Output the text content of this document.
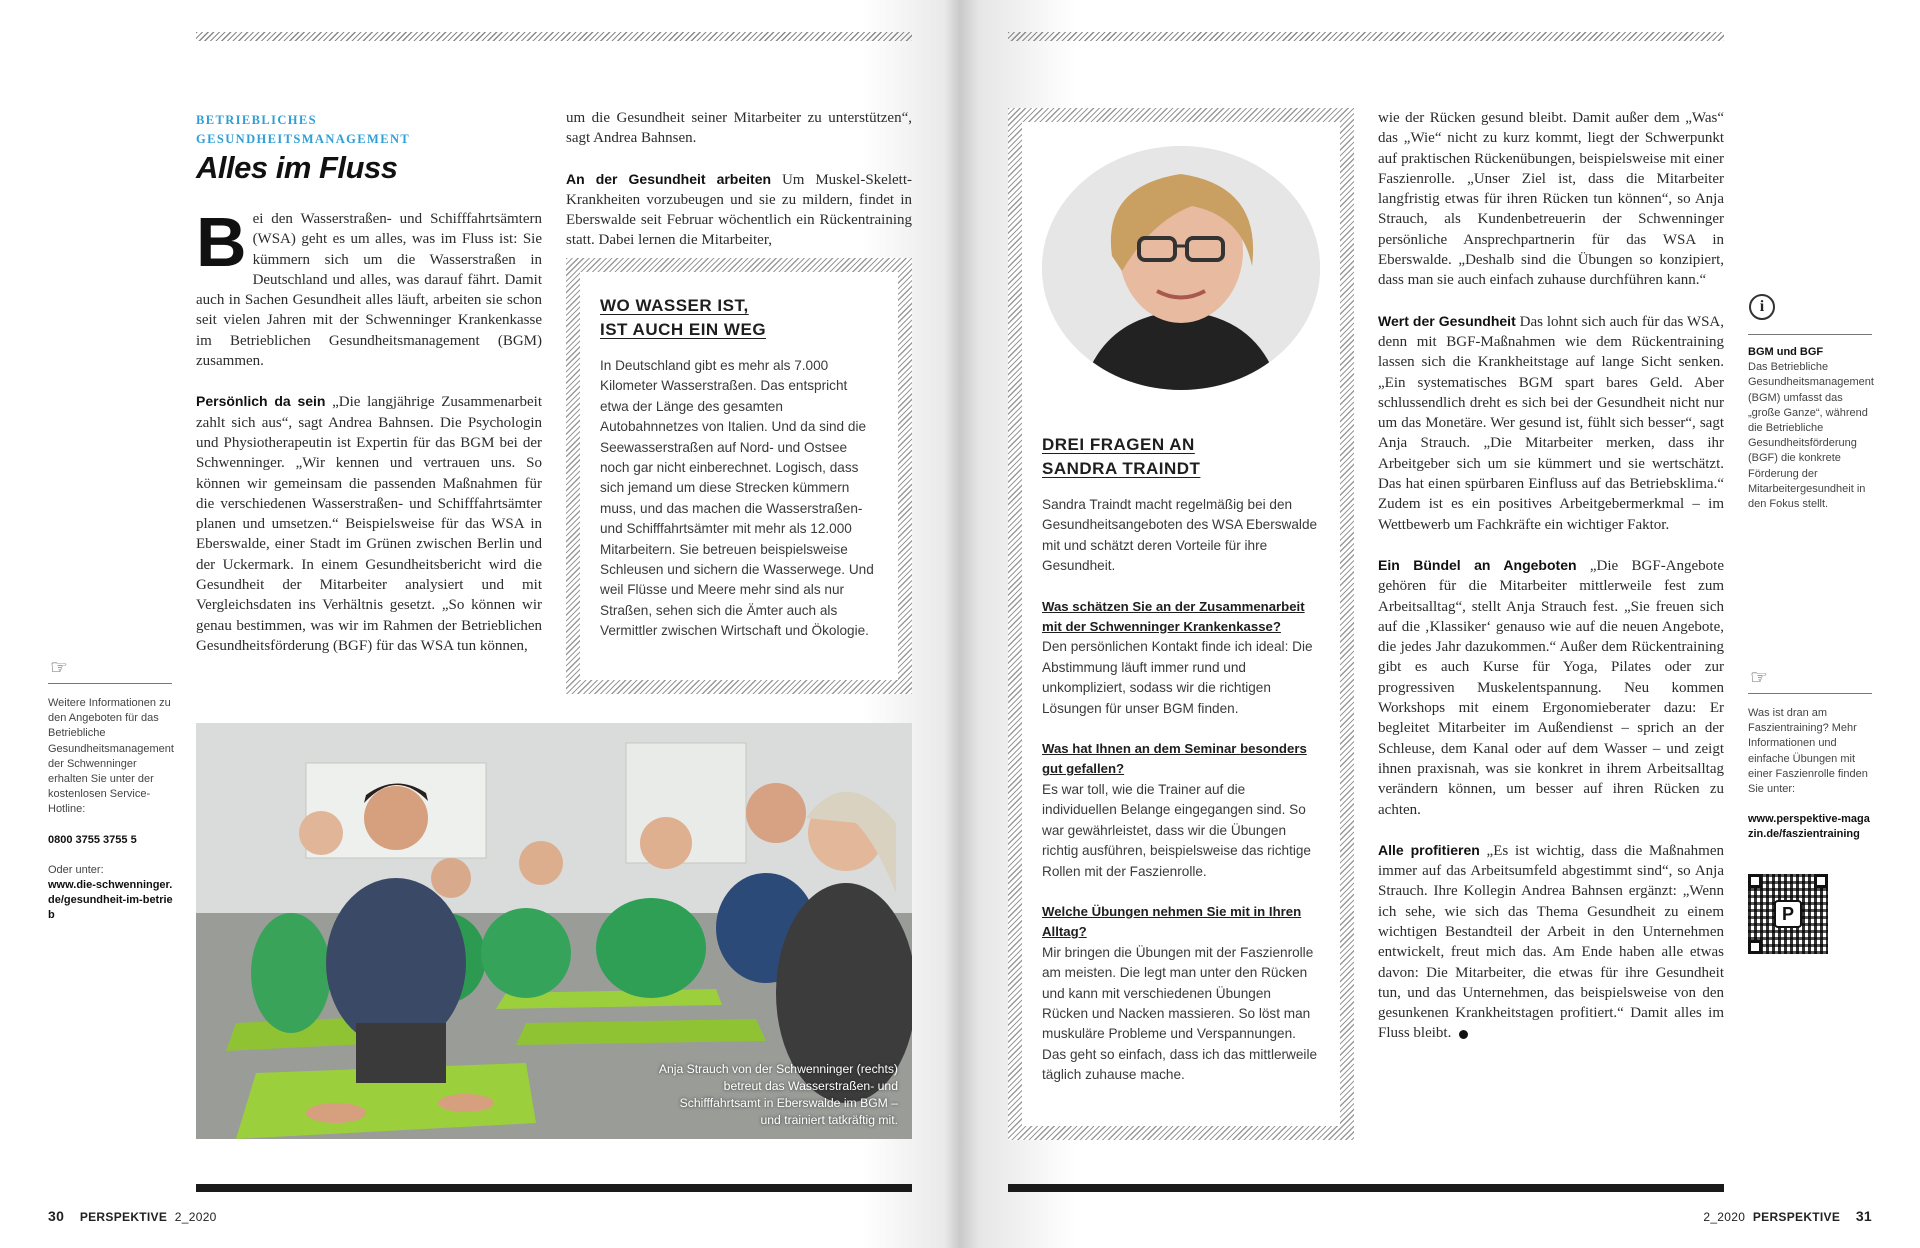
BETRIEBLICHES GESUNDHEITSMANAGEMENT
Alles im Fluss

Bei den Wasserstraßen- und Schifffahrtsämtern (WSA) geht es um alles, was im Fluss ist: Sie kümmern sich um die Wasserstraßen in Deutschland und alles, was darauf fährt. Damit auch in Sachen Gesundheit alles läuft, arbeiten sie schon seit vielen Jahren mit der Schwenninger Krankenkasse im Betrieblichen Gesundheitsmanagement (BGM) zusammen.

Persönlich da sein „Die langjährige Zusammenarbeit zahlt sich aus“, sagt Andrea Bahnsen. Die Psychologin und Physiotherapeutin ist Expertin für das BGM bei der Schwenninger. „Wir kennen und vertrauen uns. So können wir gemeinsam die passenden Maßnahmen für die verschiedenen Wasserstraßen- und Schifffahrtsämter planen und umsetzen.“ Beispielsweise für das WSA in Eberswalde, einer Stadt im Grünen zwischen Berlin und der Uckermark. In einem Gesundheitsbericht wird die Gesundheit der Mitarbeiter analysiert und mit Vergleichsdaten ins Verhältnis gesetzt. „So können wir genau bestimmen, was wir im Rahmen der Betrieblichen Gesundheitsförderung (BGF) für das WSA tun können,

um die Gesundheit seiner Mitarbeiter zu unterstützen“, sagt Andrea Bahnsen.

An der Gesundheit arbeiten Um Muskel-Skelett-Krankheiten vorzubeugen und sie zu mildern, findet in Eberswalde seit Februar wöchentlich ein Rückentraining statt. Dabei lernen die Mitarbeiter,

WO WASSER IST,
IST AUCH EIN WEG

In Deutschland gibt es mehr als 7.000 Kilometer Wasserstraßen. Das entspricht etwa der Länge des gesamten Autobahnnetzes von Italien. Und da sind die Seewasserstraßen auf Nord- und Ostsee noch gar nicht einberechnet. Logisch, dass sich jemand um diese Strecken kümmern muss, und das machen die Wasserstraßen- und Schifffahrtsämter mit mehr als 12.000 Mitarbeitern. Sie betreuen beispielsweise Schleusen und sichern die Wasserwege. Und weil Flüsse und Meere mehr sind als nur Straßen, sehen sich die Ämter auch als Vermittler zwischen Wirtschaft und Ökologie.

Anja Strauch von der Schwenninger (rechts) betreut das Wasserstraßen- und Schifffahrtsamt in Eberswalde im BGM – und trainiert tatkräftig mit.
☞

Weitere Informationen zu den Angeboten für das Betriebliche Gesundheitsmanagement der Schwenninger erhalten Sie unter der kostenlosen Service-Hotline:

0800 3755 3755 5

Oder unter:

www.die-schwenninger.de/gesundheit-im-betrieb

30 PERSPEKTIVE 2_2020
DREI FRAGEN AN
SANDRA TRAINDT

Sandra Traindt macht regelmäßig bei den Gesundheitsangeboten des WSA Eberswalde mit und schätzt deren Vorteile für ihre Gesundheit.

Was schätzen Sie an der Zusammenarbeit mit der Schwenninger Krankenkasse?

Den persönlichen Kontakt finde ich ideal: Die Abstimmung läuft immer rund und unkompliziert, sodass wir die richtigen Lösungen für unser BGM finden.

Was hat Ihnen an dem Seminar besonders gut gefallen?

Es war toll, wie die Trainer auf die individuellen Belange eingegangen sind. So war gewährleistet, dass wir die Übungen richtig ausführen, beispielsweise das richtige Rollen mit der Faszienrolle.

Welche Übungen nehmen Sie mit in Ihren Alltag?

Mir bringen die Übungen mit der Faszienrolle am meisten. Die legt man unter den Rücken und kann mit verschiedenen Übungen Rücken und Nacken massieren. So löst man muskuläre Probleme und Verspannungen. Das geht so einfach, dass ich das mittlerweile täglich zuhause mache.

wie der Rücken gesund bleibt. Damit außer dem „Was“ das „Wie“ nicht zu kurz kommt, liegt der Schwerpunkt auf praktischen Rückenübungen, beispielsweise mit einer Faszienrolle. „Unser Ziel ist, dass die Mitarbeiter langfristig etwas für ihren Rücken tun können“, so Anja Strauch, als Kundenbetreuerin der Schwenninger persönliche Ansprechpartnerin für das WSA in Eberswalde. „Deshalb sind die Übungen so konzipiert, dass man sie auch einfach zuhause durchführen kann.“

Wert der Gesundheit Das lohnt sich auch für das WSA, denn mit BGF-Maßnahmen wie dem Rückentraining lassen sich die Krankheitstage auf lange Sicht senken. „Ein systematisches BGM spart bares Geld. Aber schlussendlich dreht es sich bei der Gesundheit nicht nur um das Monetäre. Wer gesund ist, fühlt sich besser“, sagt Anja Strauch. „Die Mitarbeiter merken, dass ihr Arbeitgeber sich um sie kümmert und sie wertschätzt. Das hat einen spürbaren Einfluss auf das Betriebsklima.“ Zudem ist es ein positives Arbeitgebermerkmal – im Wettbewerb um Fachkräfte ein wichtiger Faktor.

Ein Bündel an Angeboten „Die BGF-Angebote gehören für die Mitarbeiter mittlerweile fest zum Arbeitsalltag“, stellt Anja Strauch fest. „Sie freuen sich auf die ‚Klassiker‘ genauso wie auf die neuen Angebote, die jedes Jahr dazukommen.“ Außer dem Rückentraining gibt es auch Kurse für Yoga, Pilates oder zur progressiven Muskelentspannung. Neu kommen Workshops mit einem Ergonomieberater dazu: Er begleitet Mitarbeiter im Außendienst – sprich an der Schleuse, dem Kanal oder auf dem Wasser – und zeigt ihnen praxisnah, was sie konkret in ihrem Arbeitsalltag verändern können, um besser auf ihren Rücken zu achten.

Alle profitieren „Es ist wichtig, dass die Maßnahmen immer auf das Arbeitsumfeld abgestimmt sind“, so Anja Strauch. Ihre Kollegin Andrea Bahnsen ergänzt: „Wenn ich sehe, wie sich das Thema Gesundheit zu einem wichtigen Bestandteil der Arbeit in den Unternehmen entwickelt, freut mich das. Am Ende haben alle etwas davon: Die Mitarbeiter, die etwas für ihre Gesundheit tun, und das Unternehmen, das beispielsweise von den gesunkenen Krankheitstagen profitiert.“ Damit alles im Fluss bleibt.

i
BGM und BGF

Das Betriebliche Gesundheitsmanagement (BGM) umfasst das „große Ganze“, während die Betriebliche Gesundheitsförderung (BGF) die konkrete Förderung der Mitarbeitergesundheit in den Fokus stellt.

☞

Was ist dran am Faszientraining? Mehr Informationen und einfache Übungen mit einer Faszienrolle finden Sie unter:

www.perspektive-magazin.de/faszientraining

P
2_2020 PERSPEKTIVE 31
